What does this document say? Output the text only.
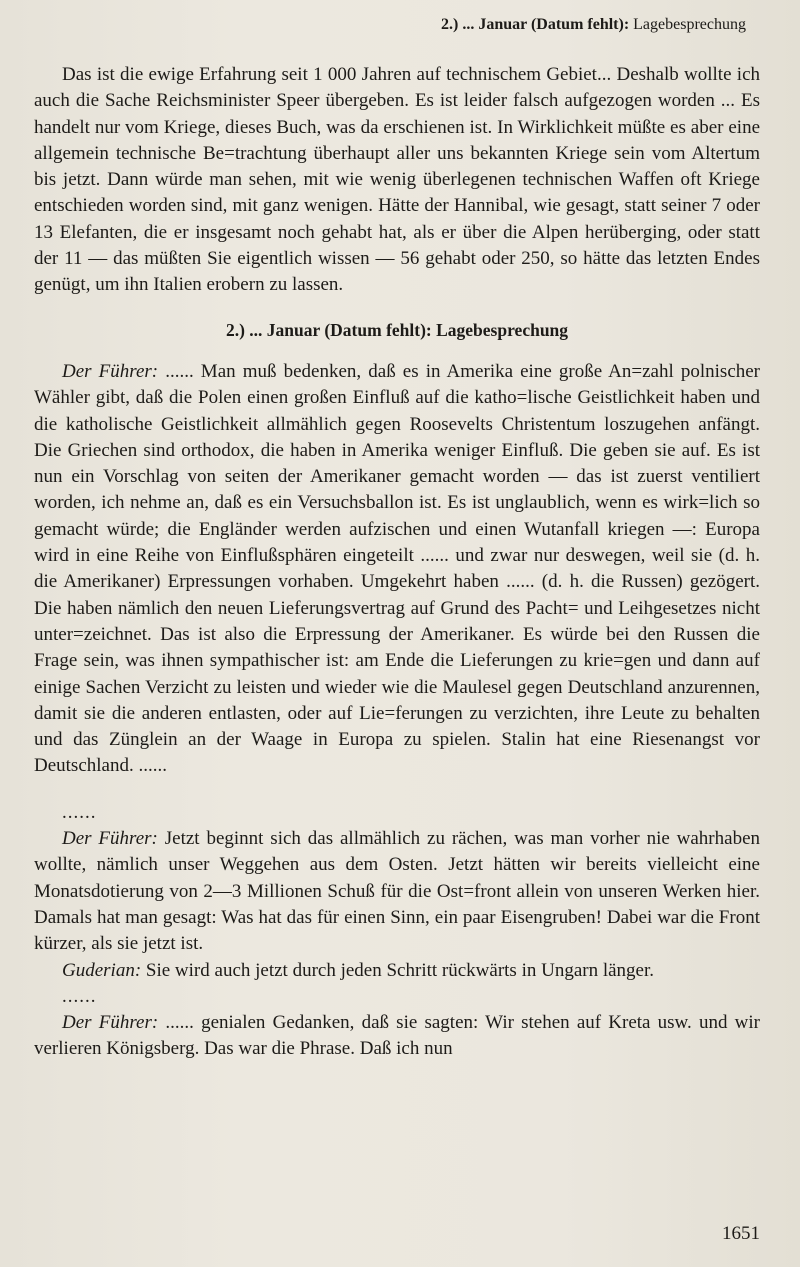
2.) ... Januar (Datum fehlt): Lagebesprechung

Das ist die ewige Erfahrung seit 1 000 Jahren auf technischem Gebiet... Deshalb wollte ich auch die Sache Reichsminister Speer übergeben. Es ist leider falsch aufgezogen worden ... Es handelt nur vom Kriege, dieses Buch, was da erschienen ist. In Wirklichkeit müßte es aber eine allgemein technische Be=trachtung überhaupt aller uns bekannten Kriege sein vom Altertum bis jetzt. Dann würde man sehen, mit wie wenig überlegenen technischen Waffen oft Kriege entschieden worden sind, mit ganz wenigen. Hätte der Hannibal, wie gesagt, statt seiner 7 oder 13 Elefanten, die er insgesamt noch gehabt hat, als er über die Alpen herüberging, oder statt der 11 — das müßten Sie eigentlich wissen — 56 gehabt oder 250, so hätte das letzten Endes genügt, um ihn Italien erobern zu lassen.

2.) ... Januar (Datum fehlt): Lagebesprechung

Der Führer: ...... Man muß bedenken, daß es in Amerika eine große An=zahl polnischer Wähler gibt, daß die Polen einen großen Einfluß auf die katho=lische Geistlichkeit haben und die katholische Geistlichkeit allmählich gegen Roosevelts Christentum loszugehen anfängt. Die Griechen sind orthodox, die haben in Amerika weniger Einfluß. Die geben sie auf. Es ist nun ein Vorschlag von seiten der Amerikaner gemacht worden — das ist zuerst ventiliert worden, ich nehme an, daß es ein Versuchsballon ist. Es ist unglaublich, wenn es wirk=lich so gemacht würde; die Engländer werden aufzischen und einen Wutanfall kriegen —: Europa wird in eine Reihe von Einflußsphären eingeteilt ...... und zwar nur deswegen, weil sie (d. h. die Amerikaner) Erpressungen vorhaben. Umgekehrt haben ...... (d. h. die Russen) gezögert. Die haben nämlich den neuen Lieferungsvertrag auf Grund des Pacht= und Leihgesetzes nicht unter=zeichnet. Das ist also die Erpressung der Amerikaner. Es würde bei den Russen die Frage sein, was ihnen sympathischer ist: am Ende die Lieferungen zu krie=gen und dann auf einige Sachen Verzicht zu leisten und wieder wie die Maulesel gegen Deutschland anzurennen, damit sie die anderen entlasten, oder auf Lie=ferungen zu verzichten, ihre Leute zu behalten und das Zünglein an der Waage in Europa zu spielen. Stalin hat eine Riesenangst vor Deutschland. ......

......

Der Führer: Jetzt beginnt sich das allmählich zu rächen, was man vorher nie wahrhaben wollte, nämlich unser Weggehen aus dem Osten. Jetzt hätten wir bereits vielleicht eine Monatsdotierung von 2—3 Millionen Schuß für die Ost=front allein von unseren Werken hier. Damals hat man gesagt: Was hat das für einen Sinn, ein paar Eisengruben! Dabei war die Front kürzer, als sie jetzt ist.

Guderian: Sie wird auch jetzt durch jeden Schritt rückwärts in Ungarn länger.

......

Der Führer: ...... genialen Gedanken, daß sie sagten: Wir stehen auf Kreta usw. und wir verlieren Königsberg. Das war die Phrase. Daß ich nun

1651
